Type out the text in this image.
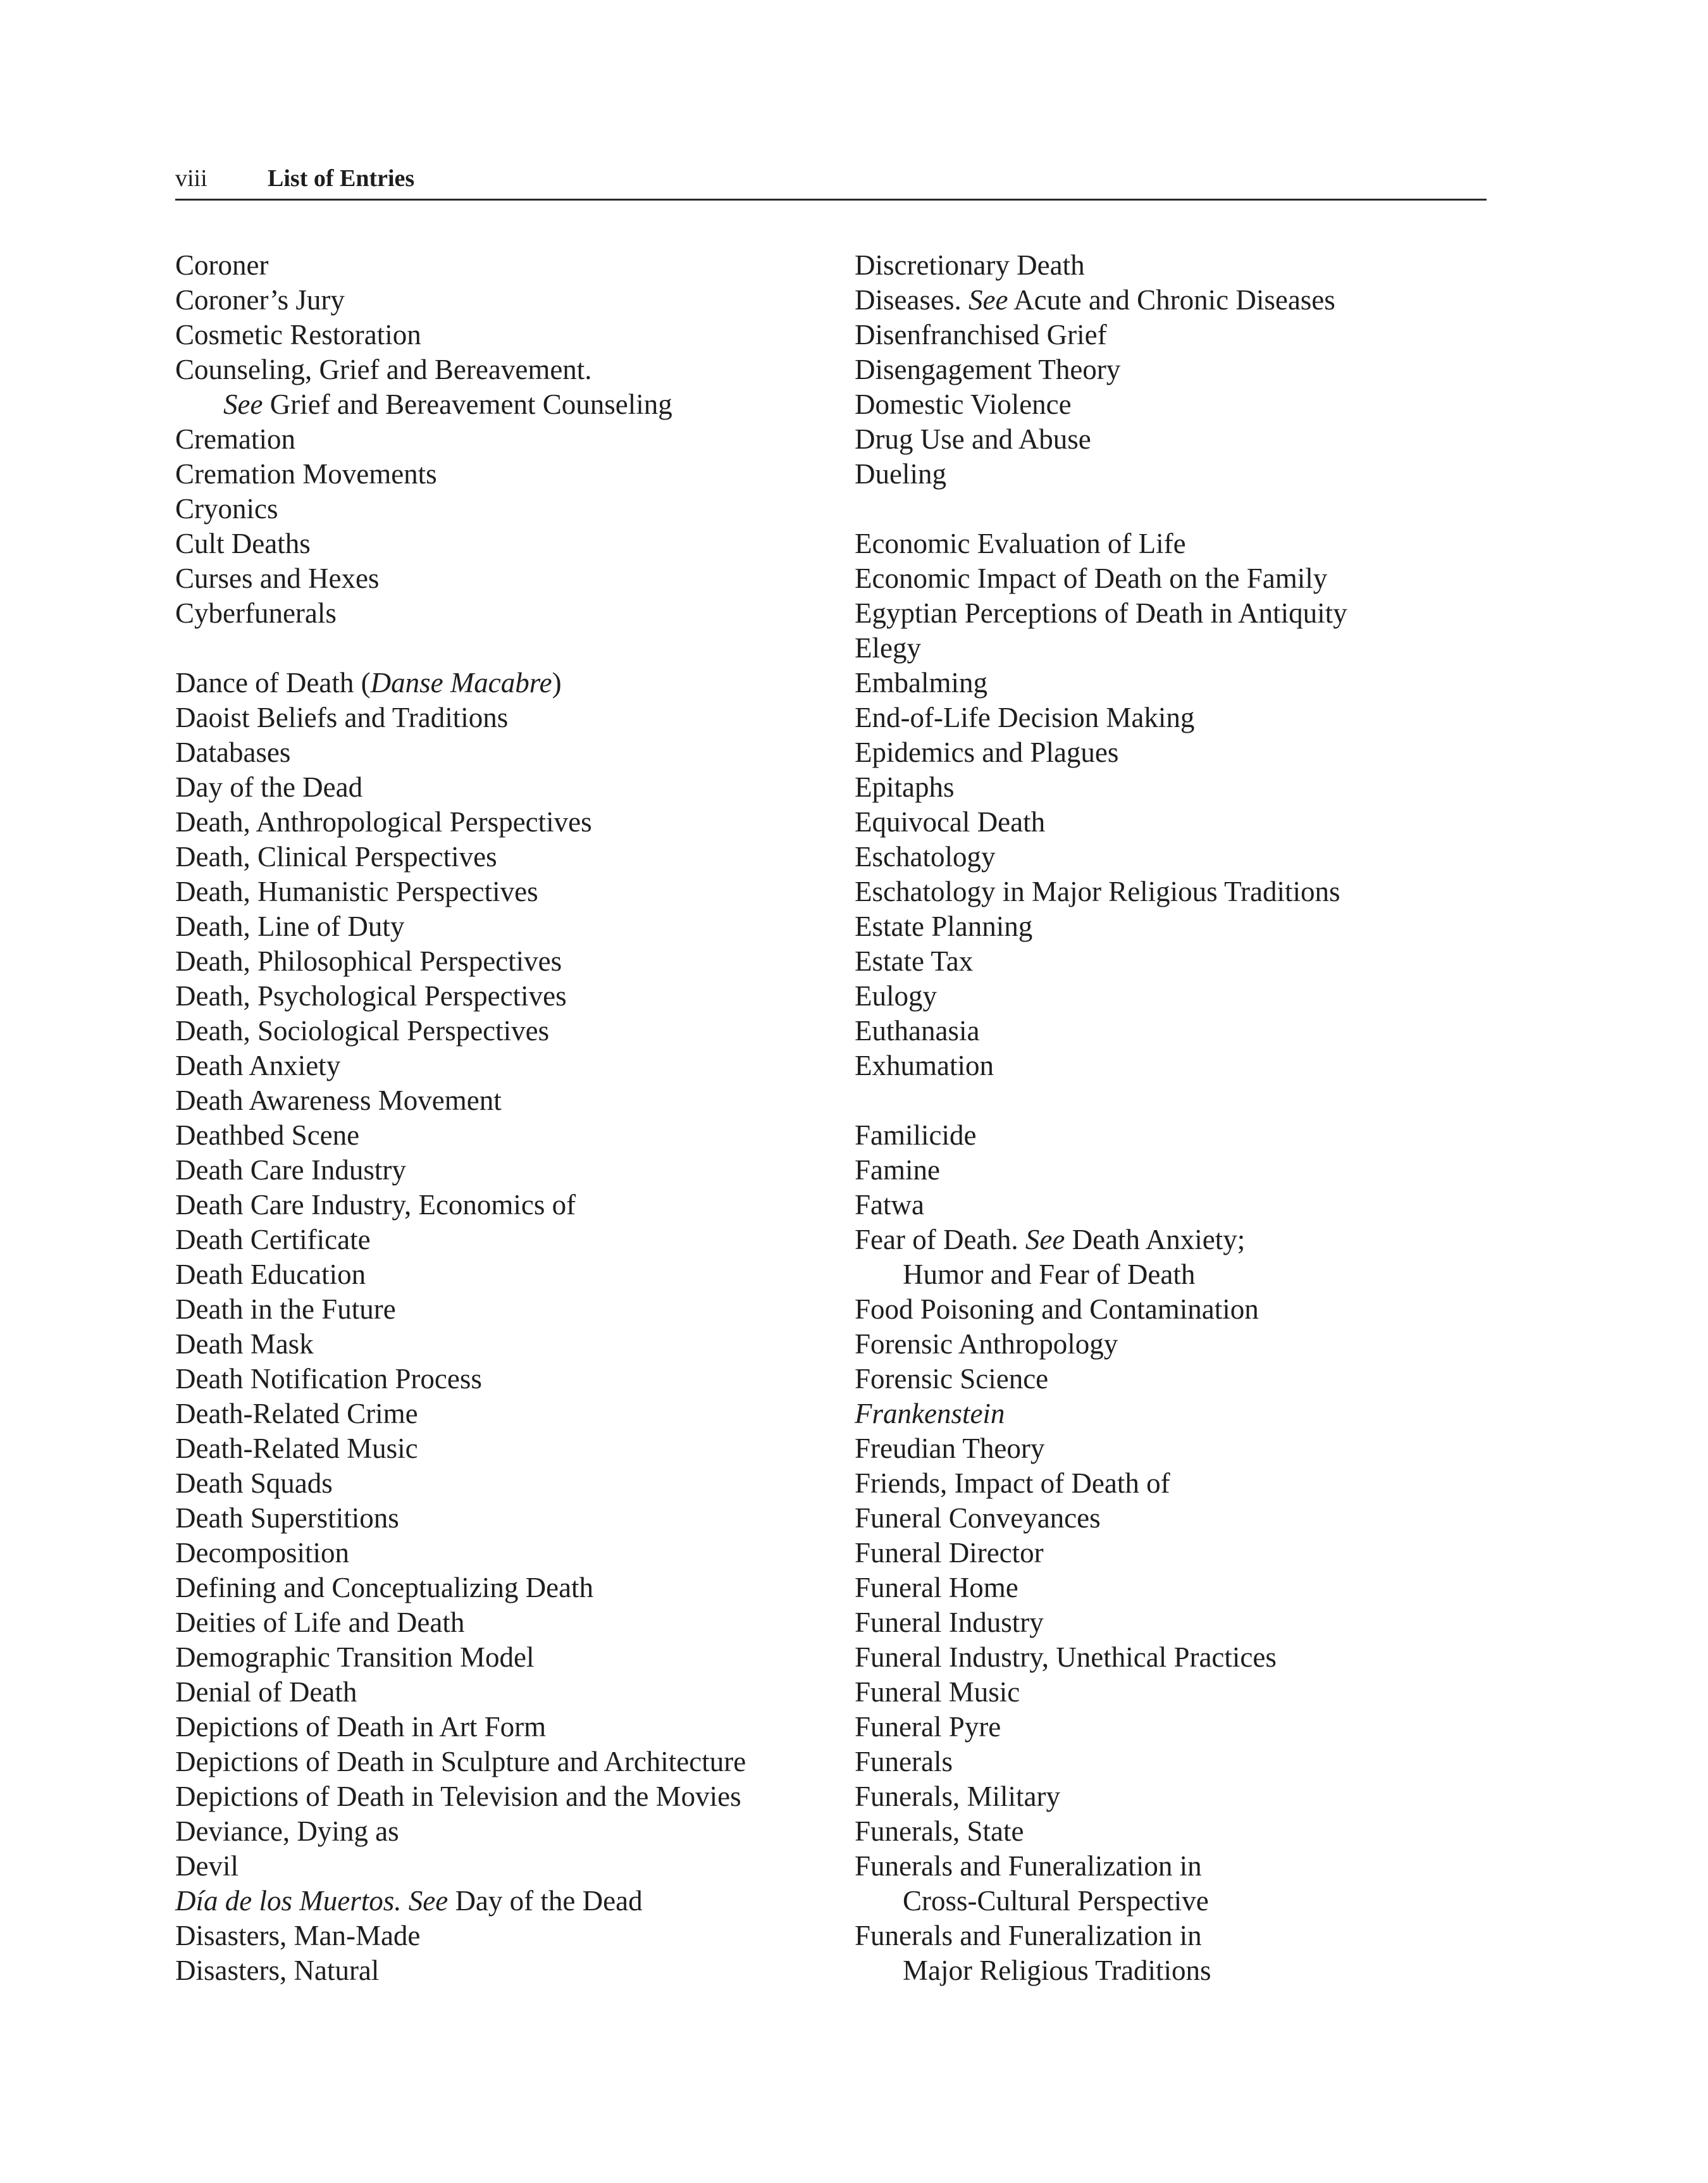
viii	List of Entries
Coroner
Coroner’s Jury
Cosmetic Restoration
Counseling, Grief and Bereavement.
See Grief and Bereavement Counseling
Cremation
Cremation Movements
Cryonics
Cult Deaths
Curses and Hexes
Cyberfunerals
Dance of Death (Danse Macabre)
Daoist Beliefs and Traditions
Databases
Day of the Dead
Death, Anthropological Perspectives
Death, Clinical Perspectives
Death, Humanistic Perspectives
Death, Line of Duty
Death, Philosophical Perspectives
Death, Psychological Perspectives
Death, Sociological Perspectives
Death Anxiety
Death Awareness Movement
Deathbed Scene
Death Care Industry
Death Care Industry, Economics of
Death Certificate
Death Education
Death in the Future
Death Mask
Death Notification Process
Death-Related Crime
Death-Related Music
Death Squads
Death Superstitions
Decomposition
Defining and Conceptualizing Death
Deities of Life and Death
Demographic Transition Model
Denial of Death
Depictions of Death in Art Form
Depictions of Death in Sculpture and Architecture
Depictions of Death in Television and the Movies
Deviance, Dying as
Devil
Día de los Muertos. See Day of the Dead
Disasters, Man-Made
Disasters, Natural
Discretionary Death
Diseases. See Acute and Chronic Diseases
Disenfranchised Grief
Disengagement Theory
Domestic Violence
Drug Use and Abuse
Dueling
Economic Evaluation of Life
Economic Impact of Death on the Family
Egyptian Perceptions of Death in Antiquity
Elegy
Embalming
End-of-Life Decision Making
Epidemics and Plagues
Epitaphs
Equivocal Death
Eschatology
Eschatology in Major Religious Traditions
Estate Planning
Estate Tax
Eulogy
Euthanasia
Exhumation
Familicide
Famine
Fatwa
Fear of Death. See Death Anxiety;
Humor and Fear of Death
Food Poisoning and Contamination
Forensic Anthropology
Forensic Science
Frankenstein
Freudian Theory
Friends, Impact of Death of
Funeral Conveyances
Funeral Director
Funeral Home
Funeral Industry
Funeral Industry, Unethical Practices
Funeral Music
Funeral Pyre
Funerals
Funerals, Military
Funerals, State
Funerals and Funeralization in
Cross-Cultural Perspective
Funerals and Funeralization in
Major Religious Traditions
